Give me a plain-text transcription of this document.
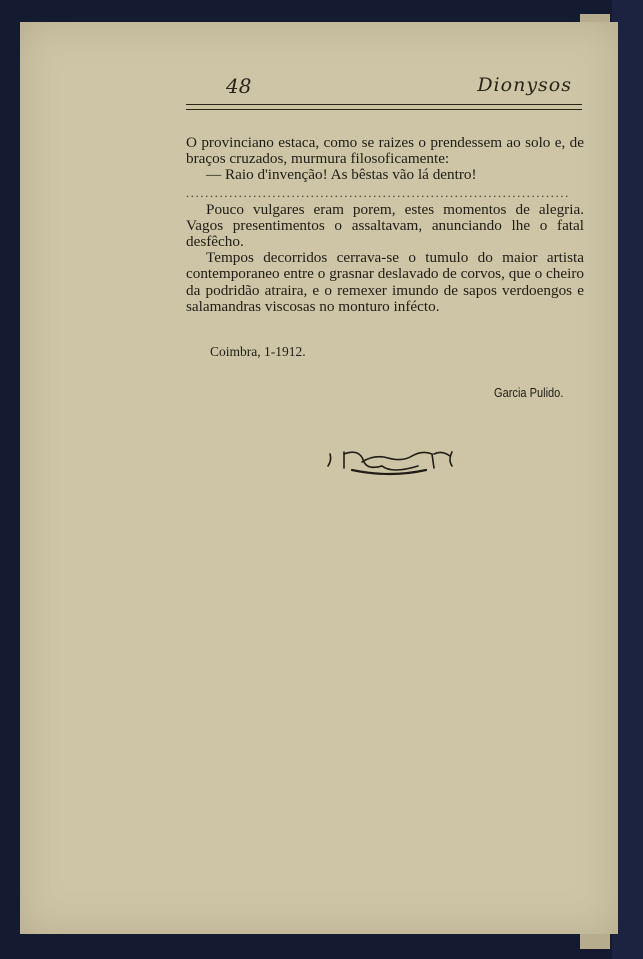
48	Dionysos

O provinciano estaca, como se raizes o prendessem ao solo e, de braços cruzados, murmura filosoficamente:

— Raio d'invenção! As bêstas vão lá dentro!

................................................................................

Pouco vulgares eram porem, estes momentos de alegria. Vagos presentimentos o assaltavam, anunciando lhe o fatal desfêcho.

Tempos decorridos cerrava-se o tumulo do maior artista contemporaneo entre o grasnar deslavado de corvos, que o cheiro da podridão atraira, e o remexer imundo de sapos verdoengos e salamandras viscosas no monturo infécto.

Coimbra, 1-1912.
Garcia Pulido.
